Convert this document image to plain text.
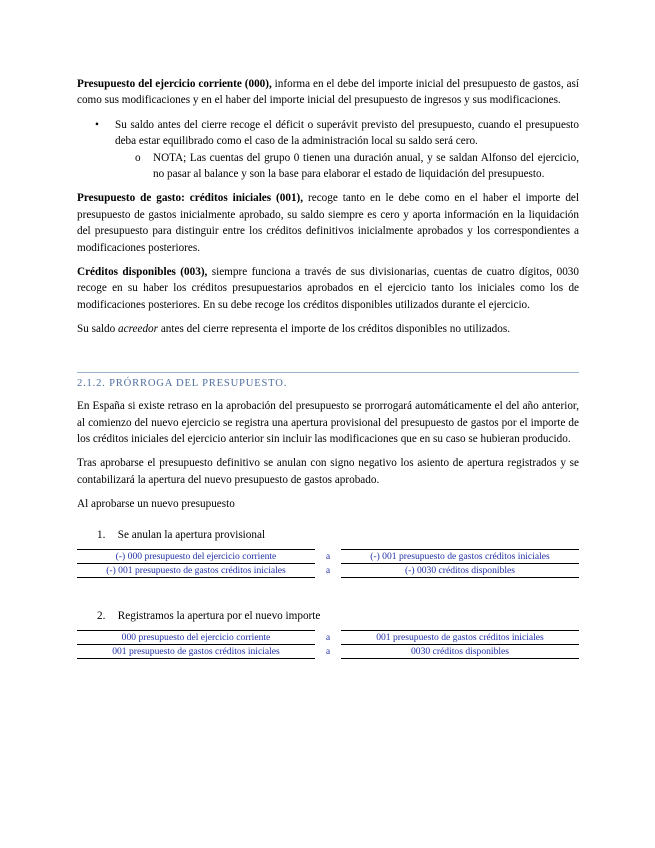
Presupuesto del ejercicio corriente (000), informa en el debe del importe inicial del presupuesto de gastos, así como sus modificaciones y en el haber del importe inicial del presupuesto de ingresos y sus modificaciones.

• Su saldo antes del cierre recoge el déficit o superávit previsto del presupuesto, cuando el presupuesto deba estar equilibrado como el caso de la administración local su saldo será cero.
o NOTA; Las cuentas del grupo 0 tienen una duración anual, y se saldan Alfonso del ejercicio, no pasar al balance y son la base para elaborar el estado de liquidación del presupuesto.

Presupuesto de gasto: créditos iniciales (001), recoge tanto en le debe como en el haber el importe del presupuesto de gastos inicialmente aprobado, su saldo siempre es cero y aporta información en la liquidación del presupuesto para distinguir entre los créditos definitivos inicialmente aprobados y los correspondientes a modificaciones posteriores.

Créditos disponibles (003), siempre funciona a través de sus divisionarias, cuentas de cuatro dígitos, 0030 recoge en su haber los créditos presupuestarios aprobados en el ejercicio tanto los iniciales como los de modificaciones posteriores. En su debe recoge los créditos disponibles utilizados durante el ejercicio.

Su saldo acreedor antes del cierre representa el importe de los créditos disponibles no utilizados.

2.1.2. PRÓRROGA DEL PRESUPUESTO.

En España si existe retraso en la aprobación del presupuesto se prorrogará automáticamente el del año anterior, al comienzo del nuevo ejercicio se registra una apertura provisional del presupuesto de gastos por el importe de los créditos iniciales del ejercicio anterior sin incluir las modificaciones que en su caso se hubieran producido.

Tras aprobarse el presupuesto definitivo se anulan con signo negativo los asiento de apertura registrados y se contabilizará la apertura del nuevo presupuesto de gastos aprobado.

Al aprobarse un nuevo presupuesto

1. Se anulan la apertura provisional
(-) 000 presupuesto del ejercicio corriente	a	(-) 001 presupuesto de gastos créditos iniciales
(-) 001 presupuesto de gastos créditos iniciales	a	(-) 0030 créditos disponibles
2. Registramos la apertura por el nuevo importe
000 presupuesto del ejercicio corriente	a	001 presupuesto de gastos créditos iniciales
001 presupuesto de gastos créditos iniciales	a	0030 créditos disponibles
